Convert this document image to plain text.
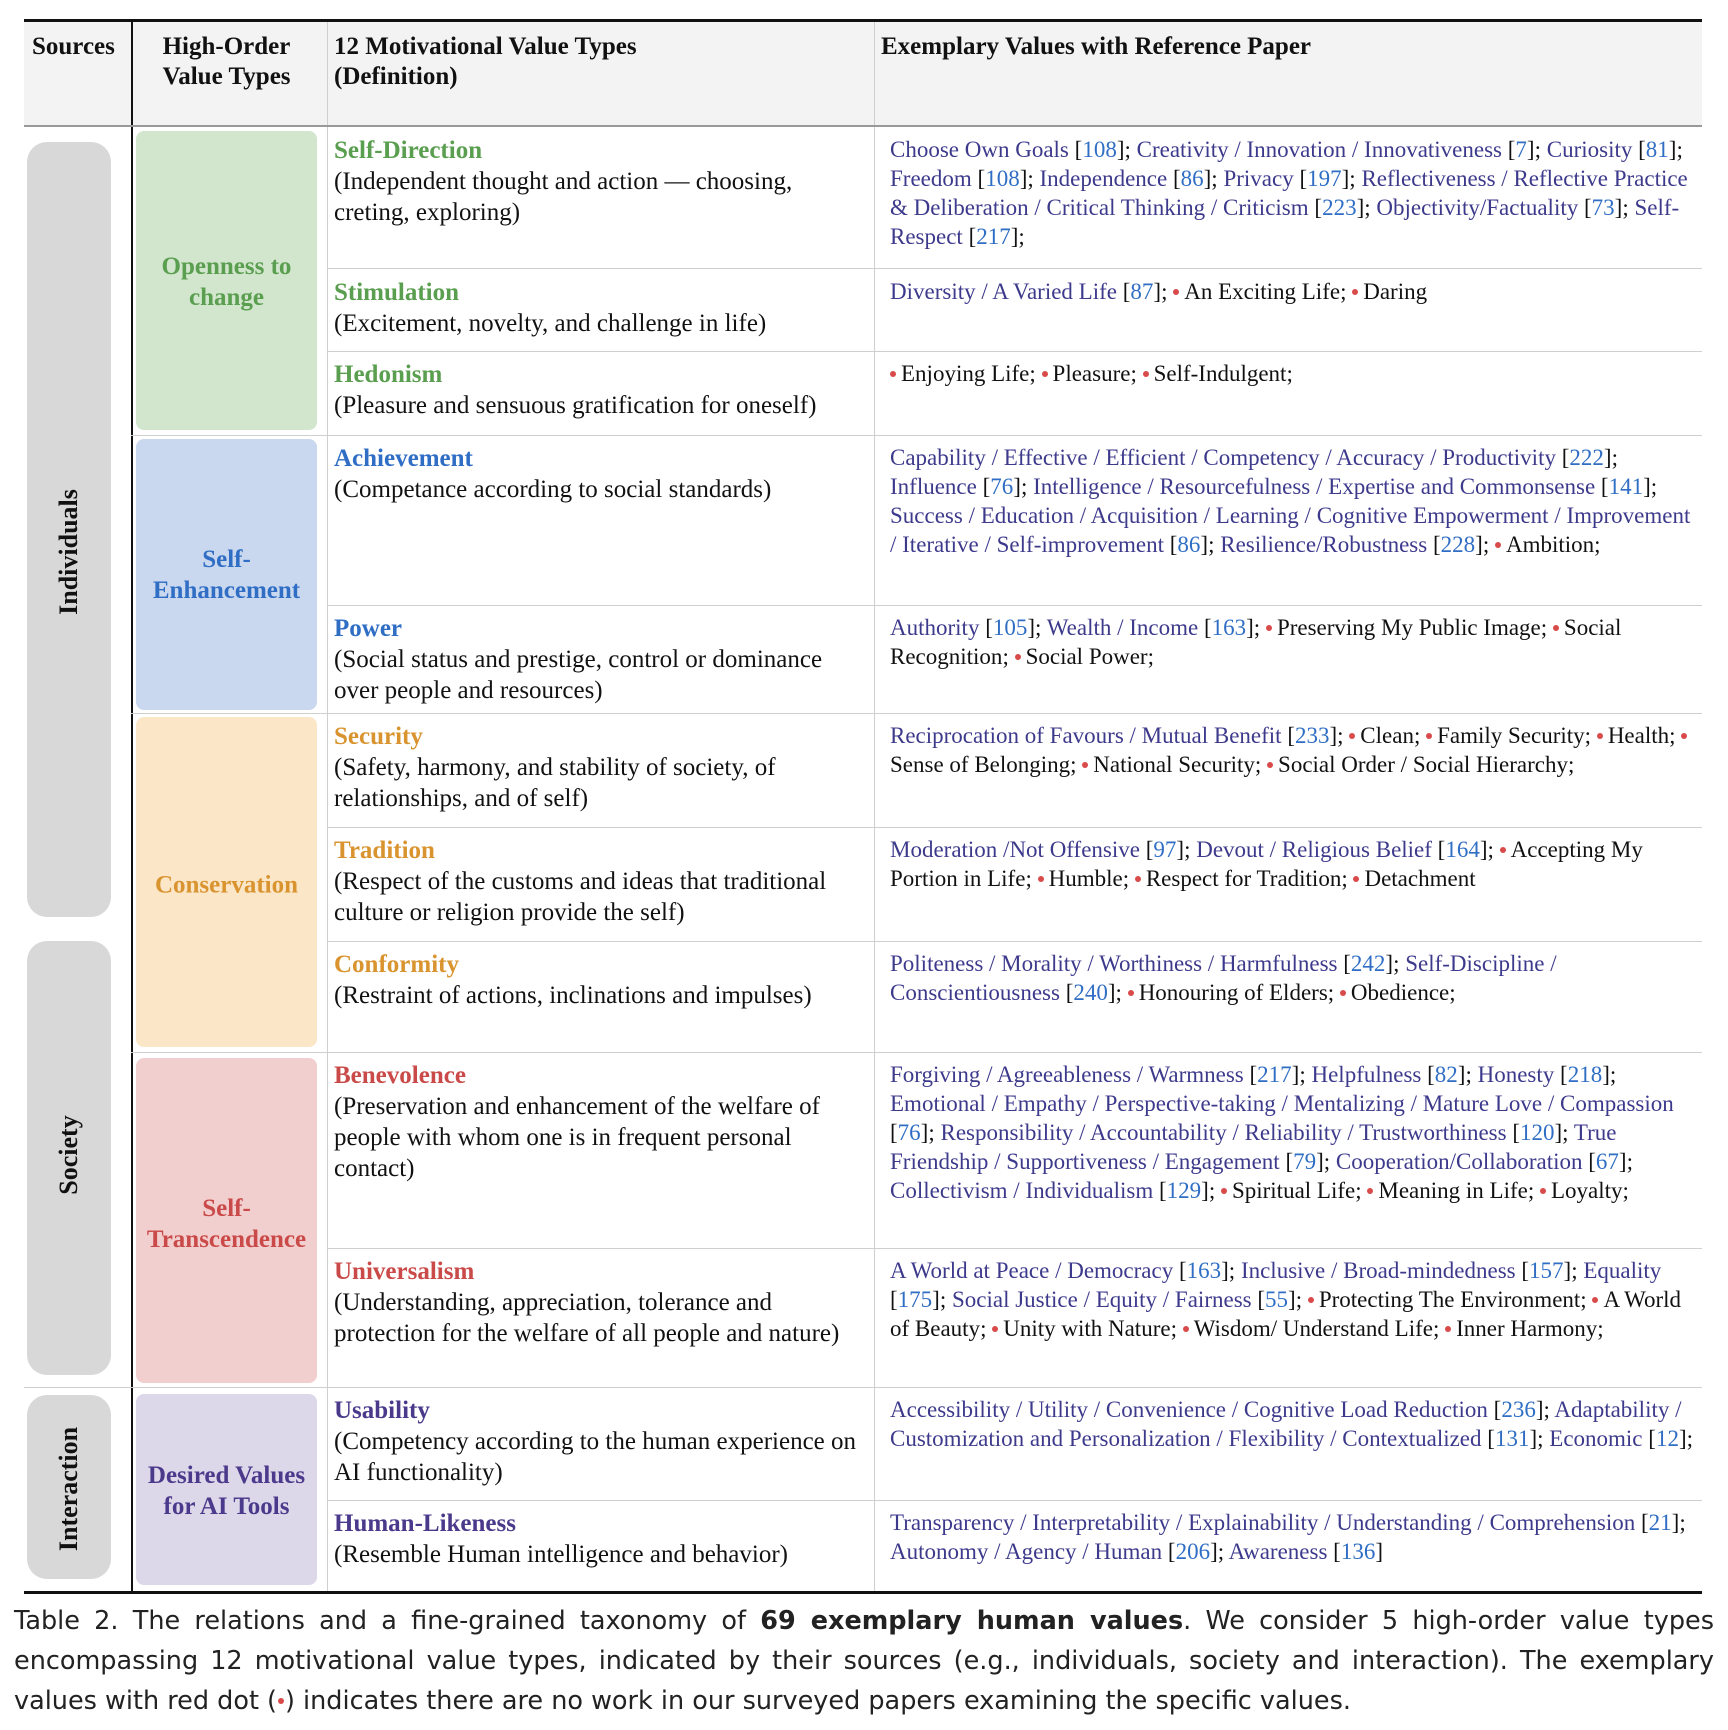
Sources	High-Order
Value Types
12 Motivational Value Types
(Definition)
Exemplary Values with Reference Paper
Individuals
Society
Interaction
Openness to
change
Self-
Enhancement
Conservation
Self-
Transcendence
Desired Values
for AI Tools
Self-Direction
(Independent thought and action — choosing, creting, exploring)
Stimulation
(Excitement, novelty, and challenge in life)
Hedonism
(Pleasure and sensuous gratification for oneself)
Achievement
(Competance according to social standards)
Power
(Social status and prestige, control or dominance over people and resources)
Security
(Safety, harmony, and stability of society, of relationships, and of self)
Tradition
(Respect of the customs and ideas that traditional culture or religion provide the self)
Conformity
(Restraint of actions, inclinations and impulses)
Benevolence
(Preservation and enhancement of the welfare of people with whom one is in frequent personal contact)
Universalism
(Understanding, appreciation, tolerance and protection for the welfare of all people and nature)
Usability
(Competency according to the human experience on AI functionality)
Human-Likeness
(Resemble Human intelligence and behavior)
Choose Own Goals [108]; Creativity / Innovation / Innovativeness [7]; Curiosity [81]; Freedom [108]; Independence [86]; Privacy [197]; Reflectiveness / Reflective Practice & Deliberation / Critical Thinking / Criticism [223]; Objectivity/Factuality [73]; Self-Respect [217];
Diversity / A Varied Life [87]; An Exciting Life; Daring
Enjoying Life; Pleasure; Self-Indulgent;
Capability / Effective / Efficient / Competency / Accuracy / Productivity [222]; Influence [76]; Intelligence / Resourcefulness / Expertise and Commonsense [141]; Success / Education / Acquisition / Learning / Cognitive Empowerment / Improvement / Iterative / Self-improvement [86]; Resilience/Robustness [228]; Ambition;
Authority [105]; Wealth / Income [163]; Preserving My Public Image; Social Recognition; Social Power;
Reciprocation of Favours / Mutual Benefit [233]; Clean; Family Security; Health; Sense of Belonging; National Security; Social Order / Social Hierarchy;
Moderation /Not Offensive [97]; Devout / Religious Belief [164]; Accepting My Portion in Life; Humble; Respect for Tradition; Detachment
Politeness / Morality / Worthiness / Harmfulness [242]; Self-Discipline / Conscientiousness [240]; Honouring of Elders; Obedience;
Forgiving / Agreeableness / Warmness [217]; Helpfulness [82]; Honesty [218]; Emotional / Empathy / Perspective-taking / Mentalizing / Mature Love / Compassion [76]; Responsibility / Accountability / Reliability / Trustworthiness [120]; True Friendship / Supportiveness / Engagement [79]; Cooperation/Collaboration [67]; Collectivism / Individualism [129]; Spiritual Life; Meaning in Life; Loyalty;
A World at Peace / Democracy [163]; Inclusive / Broad-mindedness [157]; Equality [175]; Social Justice / Equity / Fairness [55]; Protecting The Environment; A World of Beauty; Unity with Nature; Wisdom/ Understand Life; Inner Harmony;
Accessibility / Utility / Convenience / Cognitive Load Reduction [236]; Adaptability / Customization and Personalization / Flexibility / Contextualized [131]; Economic [12];
Transparency / Interpretability / Explainability / Understanding / Comprehension [21]; Autonomy / Agency / Human [206]; Awareness [136]
Table 2. The relations and a fine-grained taxonomy of 69 exemplary human values. We consider 5 high-order value types encompassing 12 motivational value types, indicated by their sources (e.g., individuals, society and interaction). The exemplary values with red dot ( ) indicates there are no work in our surveyed papers examining the specific values.
